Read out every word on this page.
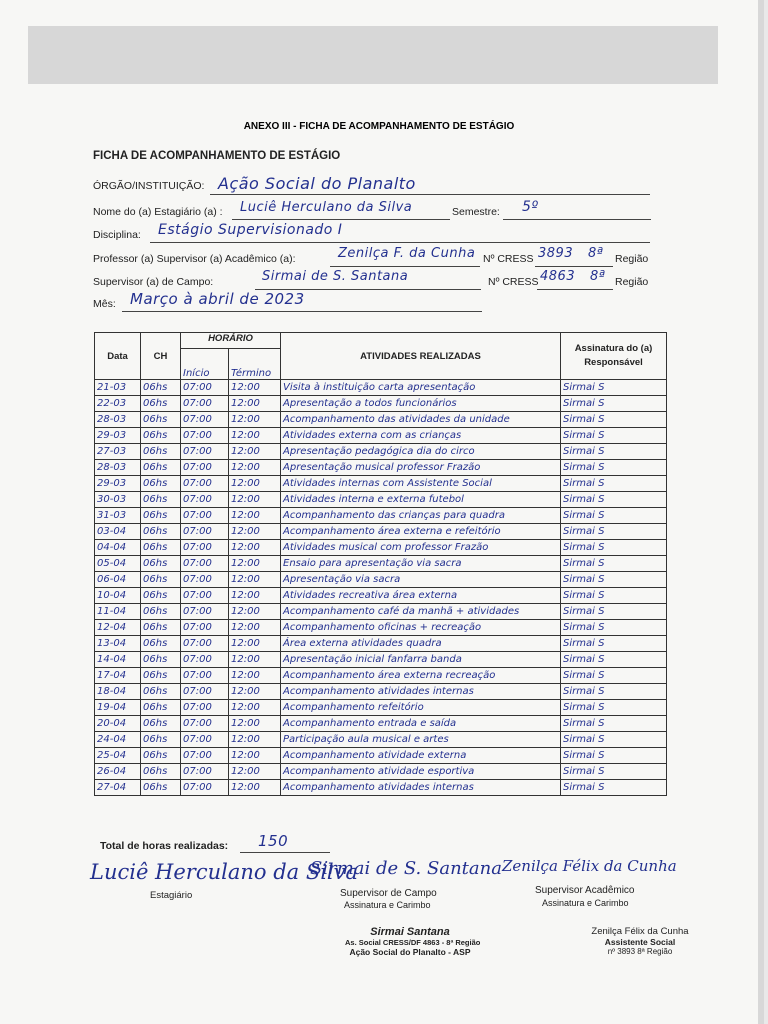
ANEXO III - FICHA DE ACOMPANHAMENTO DE ESTÁGIO
FICHA DE ACOMPANHAMENTO DE ESTÁGIO
ÓRGÃO/INSTITUIÇÃO: Ação Social do Planalto
Nome do (a) Estagiário (a) : Luciê Herculano da Silva	Semestre: 5º
Disciplina: Estágio Supervisionado I
Professor (a) Supervisor (a) Acadêmico (a):	Zenilça F. da Cunha Nº CRESS 3893 8ª Região
Supervisor (a) de Campo:	Sirmai de S. Santana	Nº CRESS 4863 8ª Região
Mês: Março à abril de 2023
Data	CH	HORÁRIO		ATIVIDADES REALIZADAS	Assinatura do (a) Responsável
		Início	Término		
21-03	06hs	07:00	12:00	Visita à instituição carta apresentação	Sirmai S
22-03	06hs	07:00	12:00	Apresentação a todos funcionários	Sirmai S
28-03	06hs	07:00	12:00	Acompanhamento das atividades da unidade	Sirmai S
29-03	06hs	07:00	12:00	Atividades externa com as crianças	Sirmai S
27-03	06hs	07:00	12:00	Apresentação pedagógica dia do circo	Sirmai S
28-03	06hs	07:00	12:00	Apresentação musical professor Frazão	Sirmai S
29-03	06hs	07:00	12:00	Atividades internas com Assistente Social	Sirmai S
30-03	06hs	07:00	12:00	Atividades interna e externa futebol	Sirmai S
31-03	06hs	07:00	12:00	Acompanhamento das crianças para quadra	Sirmai S
03-04	06hs	07:00	12:00	Acompanhamento área externa e refeitório	Sirmai S
04-04	06hs	07:00	12:00	Atividades musical com professor Frazão	Sirmai S
05-04	06hs	07:00	12:00	Ensaio para apresentação via sacra	Sirmai S
06-04	06hs	07:00	12:00	Apresentação via sacra	Sirmai S
10-04	06hs	07:00	12:00	Atividades recreativa área externa	Sirmai S
11-04	06hs	07:00	12:00	Acompanhamento café da manhã + atividades	Sirmai S
12-04	06hs	07:00	12:00	Acompanhamento oficinas + recreação	Sirmai S
13-04	06hs	07:00	12:00	Área externa atividades quadra	Sirmai S
14-04	06hs	07:00	12:00	Apresentação inicial fanfarra banda	Sirmai S
17-04	06hs	07:00	12:00	Acompanhamento área externa recreação	Sirmai S
18-04	06hs	07:00	12:00	Acompanhamento atividades internas	Sirmai S
19-04	06hs	07:00	12:00	Acompanhamento refeitório	Sirmai S
20-04	06hs	07:00	12:00	Acompanhamento entrada e saída	Sirmai S
24-04	06hs	07:00	12:00	Participação aula musical e artes	Sirmai S
25-04	06hs	07:00	12:00	Acompanhamento atividade externa	Sirmai S
26-04	06hs	07:00	12:00	Acompanhamento atividade esportiva	Sirmai S
27-04	06hs	07:00	12:00	Acompanhamento atividades internas	Sirmai S
Total de horas realizadas: 150
Luciê Herculano da Silva
Sirmai de S. Santana Zenilça Félix da Cunha
Estagiário	Supervisor de Campo
Assinatura e Carimbo
Supervisor Acadêmico
Assinatura e Carimbo
Sirmai Santana
As. Social CRESS/DF 4863 - 8ª Região
Ação Social do Planalto - ASP
Zenilça Félix da Cunha
Assistente Social
nº 3893 8ª Região
